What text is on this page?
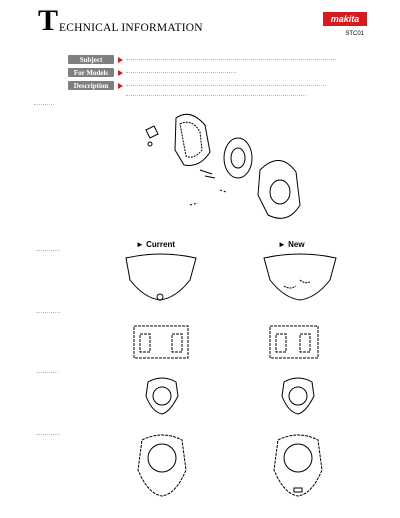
T ECHNICAL INFORMATION
makita
STC01
Subject
For Models
Description
► Current	► New
